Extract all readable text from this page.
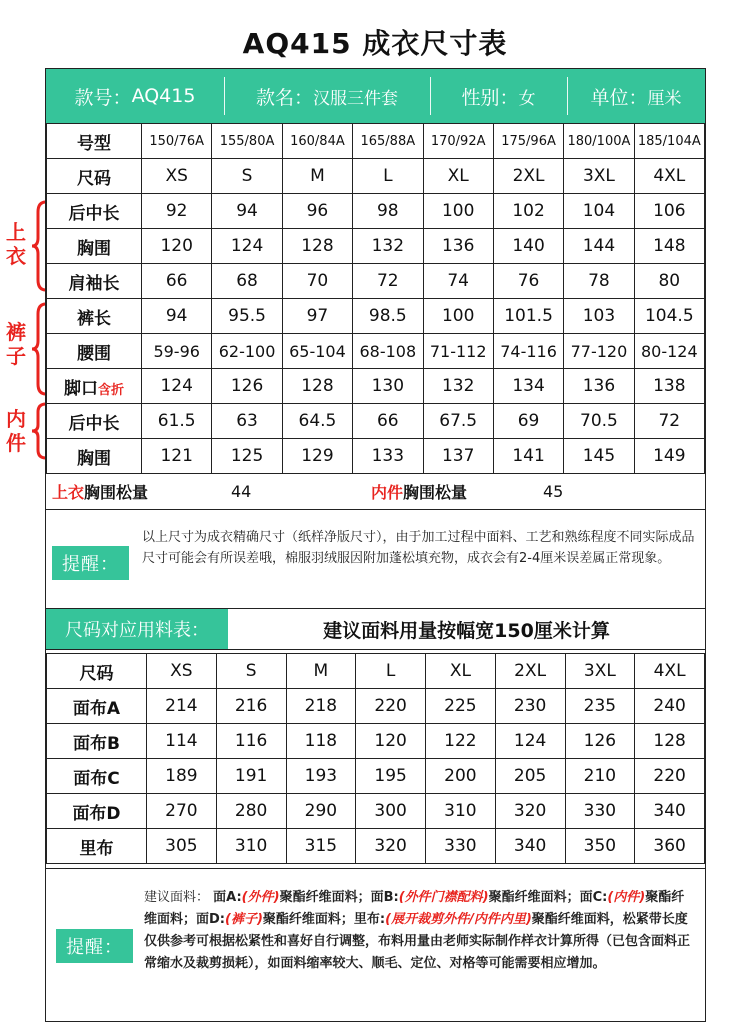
AQ415 成衣尺寸表
上衣
裤子
内件
款号： AQ415	款名： 汉服三件套	性别： 女	单位： 厘米
号型	150/76A	155/80A	160/84A	165/88A	170/92A	175/96A	180/100A	185/104A
尺码	XS	S	M	L	XL	2XL	3XL	4XL
后中长	92	94	96	98	100	102	104	106
胸围	120	124	128	132	136	140	144	148
肩袖长	66	68	70	72	74	76	78	80
裤长	94	95.5	97	98.5	100	101.5	103	104.5
腰围	59-96	62-100	65-104	68-108	71-112	74-116	77-120	80-124
脚口含折	124	126	128	130	132	134	136	138
后中长	61.5	63	64.5	66	67.5	69	70.5	72
胸围	121	125	129	133	137	141	145	149
上衣胸围松量	44	内件胸围松量	45
提醒：
以上尺寸为成衣精确尺寸（纸样净版尺寸），由于加工过程中面料、工艺和熟练程度不同实际成品尺寸可能会有所误差哦，棉服羽绒服因附加蓬松填充物，成衣会有2-4厘米误差属正常现象。
尺码对应用料表：	建议面料用量按幅宽150厘米计算
尺码	XS	S	M	L	XL	2XL	3XL	4XL
面布A	214	216	218	220	225	230	235	240
面布B	114	116	118	120	122	124	126	128
面布C	189	191	193	195	200	205	210	220
面布D	270	280	290	300	310	320	330	340
里布	305	310	315	320	330	340	350	360
提醒：
建议面料： 面A:(外件)聚酯纤维面料；面B:(外件门襟配料)聚酯纤维面料；面C:(内件)聚酯纤维面料；面D:(裤子)聚酯纤维面料；里布:(展开裁剪外件/内件内里)聚酯纤维面料，松紧带长度仅供参考可根据松紧性和喜好自行调整，布料用量由老师实际制作样衣计算所得（已包含面料正常缩水及裁剪损耗），如面料缩率较大、顺毛、定位、对格等可能需要相应增加。
